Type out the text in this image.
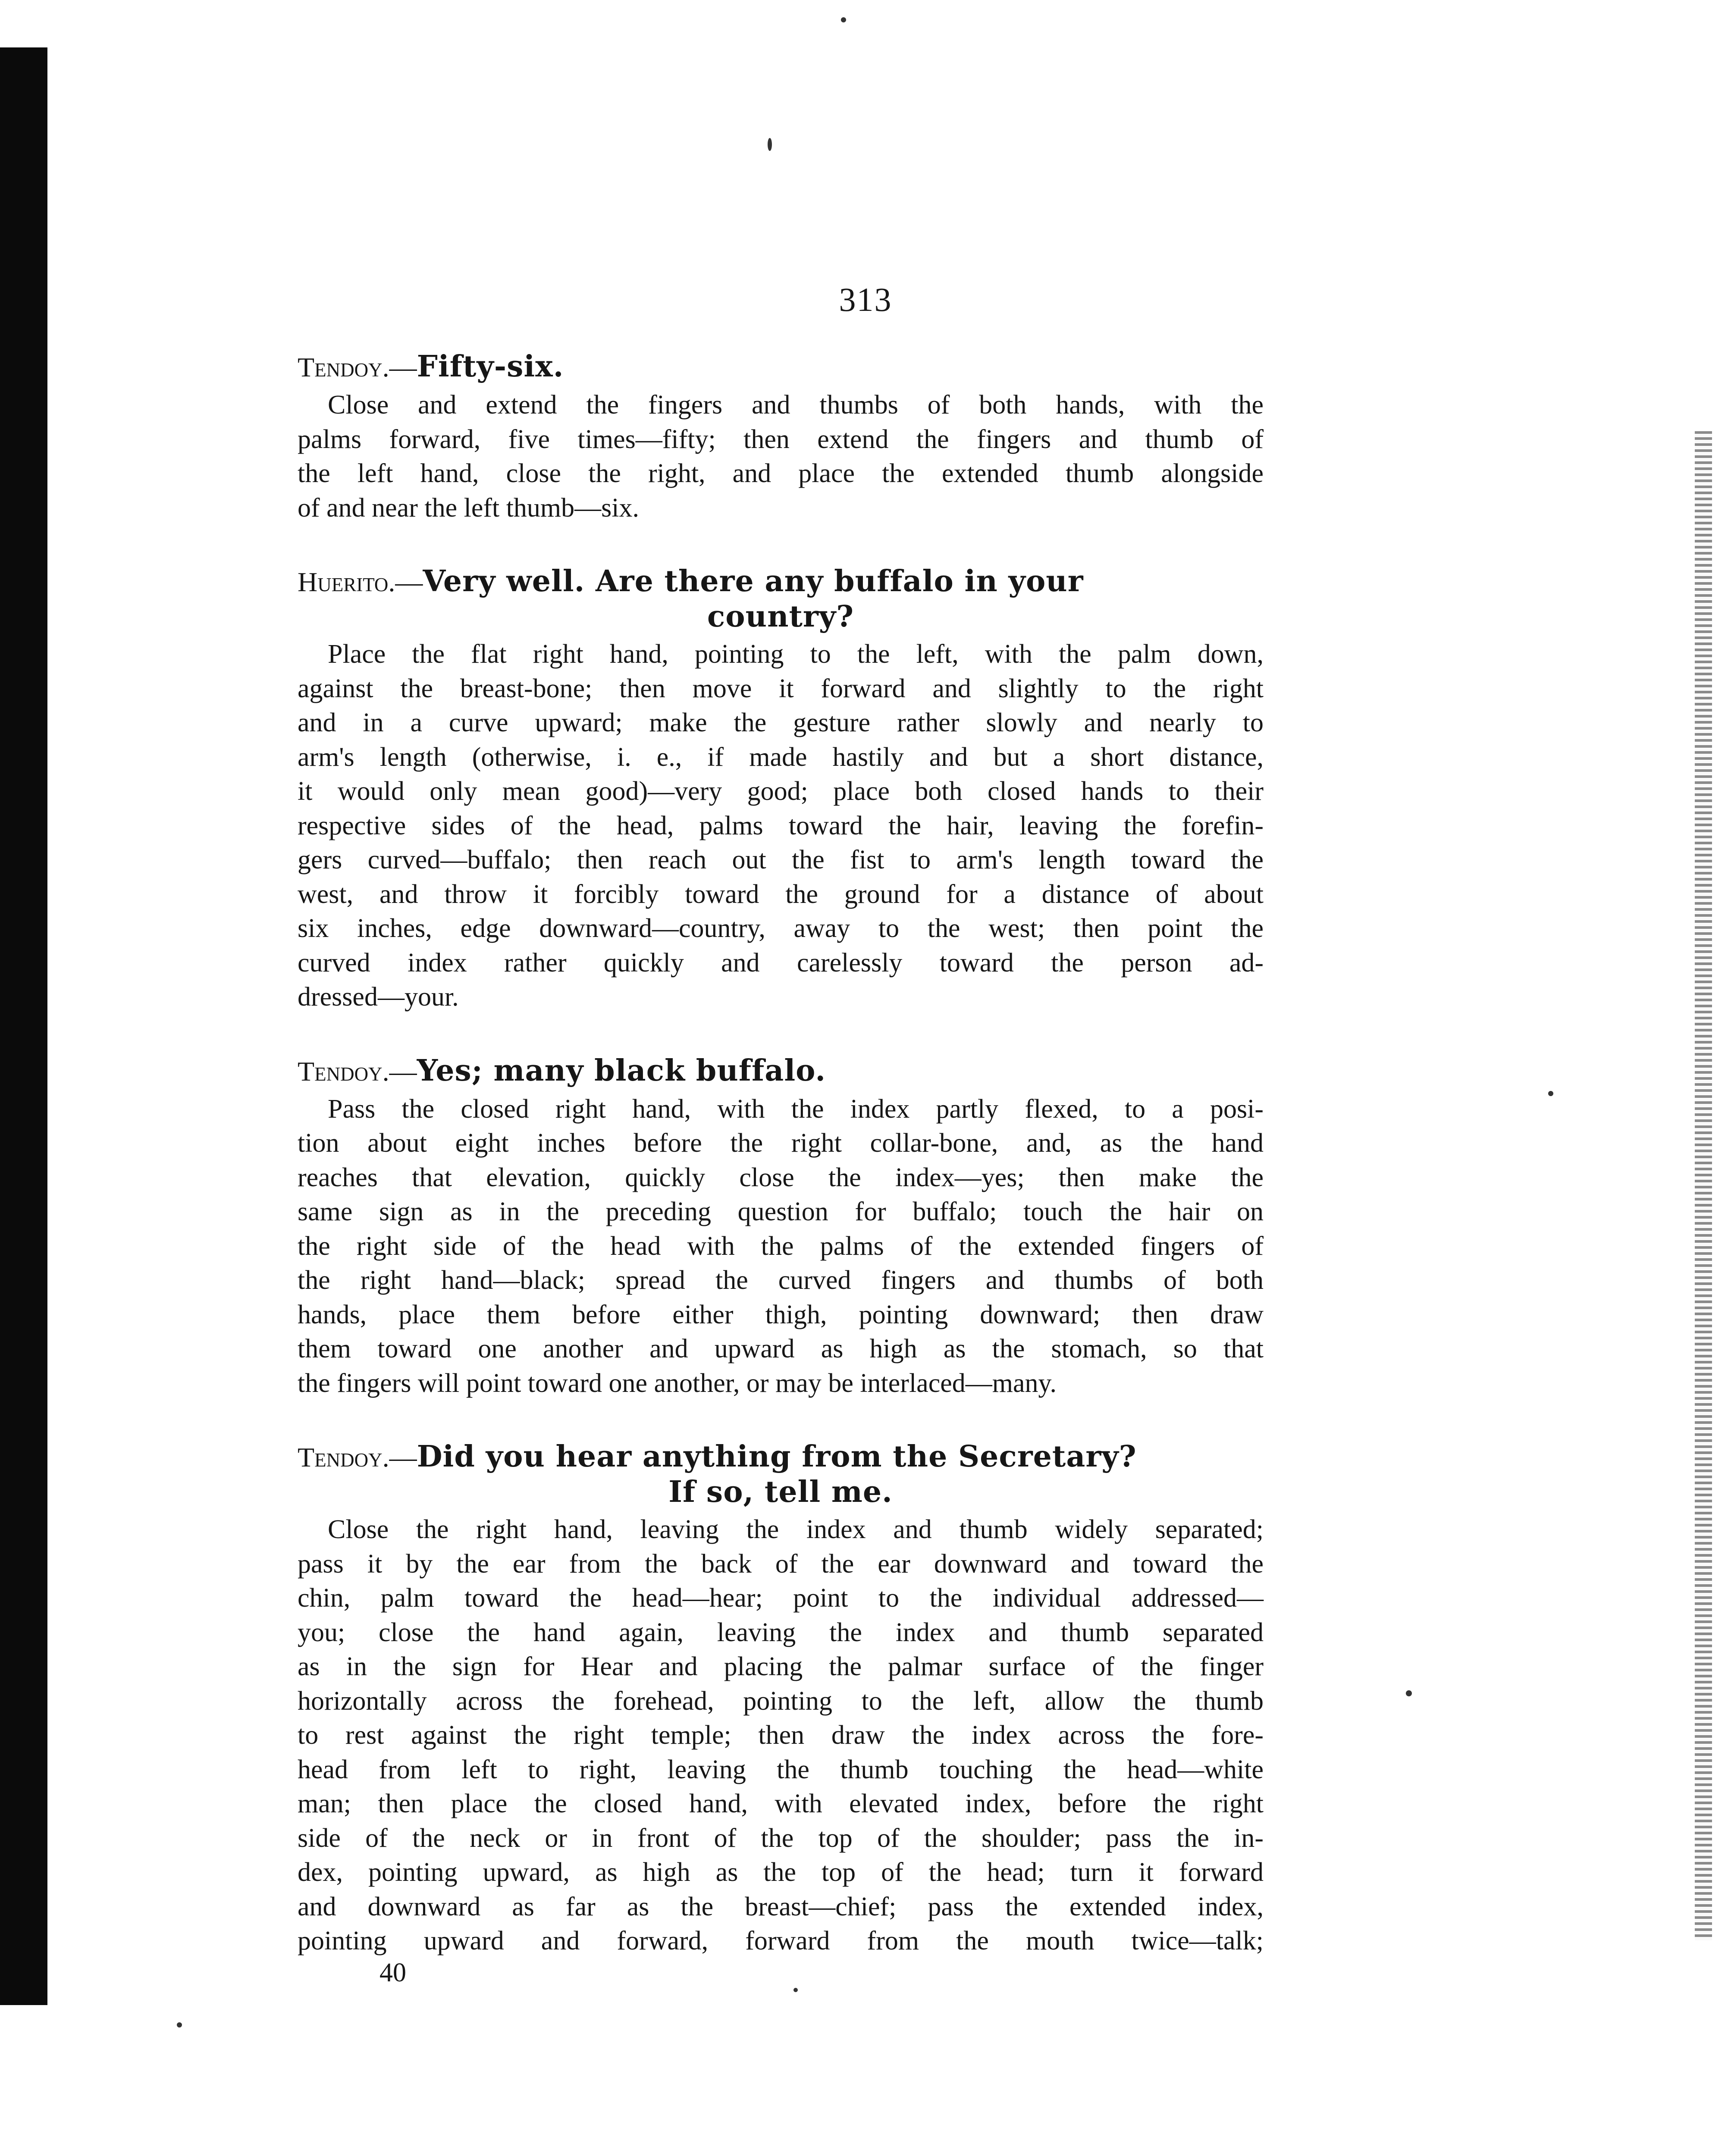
313

Tendoy.—Fifty-six.

Close and extend the fingers and thumbs of both hands, with the
palms forward, five times—fifty; then extend the fingers and thumb of
the left hand, close the right, and place the extended thumb alongside
of and near the left thumb—six.

Huerito.—Very well. Are there any buffalo in your

country?
Place the flat right hand, pointing to the left, with the palm down,
against the breast-bone; then move it forward and slightly to the right
and in a curve upward; make the gesture rather slowly and nearly to
arm's length (otherwise, i. e., if made hastily and but a short distance,
it would only mean good)—very good; place both closed hands to their
respective sides of the head, palms toward the hair, leaving the forefin-
gers curved—buffalo; then reach out the fist to arm's length toward the
west, and throw it forcibly toward the ground for a distance of about
six inches, edge downward—country, away to the west; then point the
curved index rather quickly and carelessly toward the person ad-
dressed—your.

Tendoy.—Yes; many black buffalo.

Pass the closed right hand, with the index partly flexed, to a posi-
tion about eight inches before the right collar-bone, and, as the hand
reaches that elevation, quickly close the index—yes; then make the
same sign as in the preceding question for buffalo; touch the hair on
the right side of the head with the palms of the extended fingers of
the right hand—black; spread the curved fingers and thumbs of both
hands, place them before either thigh, pointing downward; then draw
them toward one another and upward as high as the stomach, so that
the fingers will point toward one another, or may be interlaced—many.

Tendoy.—Did you hear anything from the Secretary?

If so, tell me.
Close the right hand, leaving the index and thumb widely separated;
pass it by the ear from the back of the ear downward and toward the
chin, palm toward the head—hear; point to the individual addressed—
you; close the hand again, leaving the index and thumb separated
as in the sign for Hear and placing the palmar surface of the finger
horizontally across the forehead, pointing to the left, allow the thumb
to rest against the right temple; then draw the index across the fore-
head from left to right, leaving the thumb touching the head—white
man; then place the closed hand, with elevated index, before the right
side of the neck or in front of the top of the shoulder; pass the in-
dex, pointing upward, as high as the top of the head; turn it forward
and downward as far as the breast—chief; pass the extended index,
pointing upward and forward, forward from the mouth twice—talk;
40
